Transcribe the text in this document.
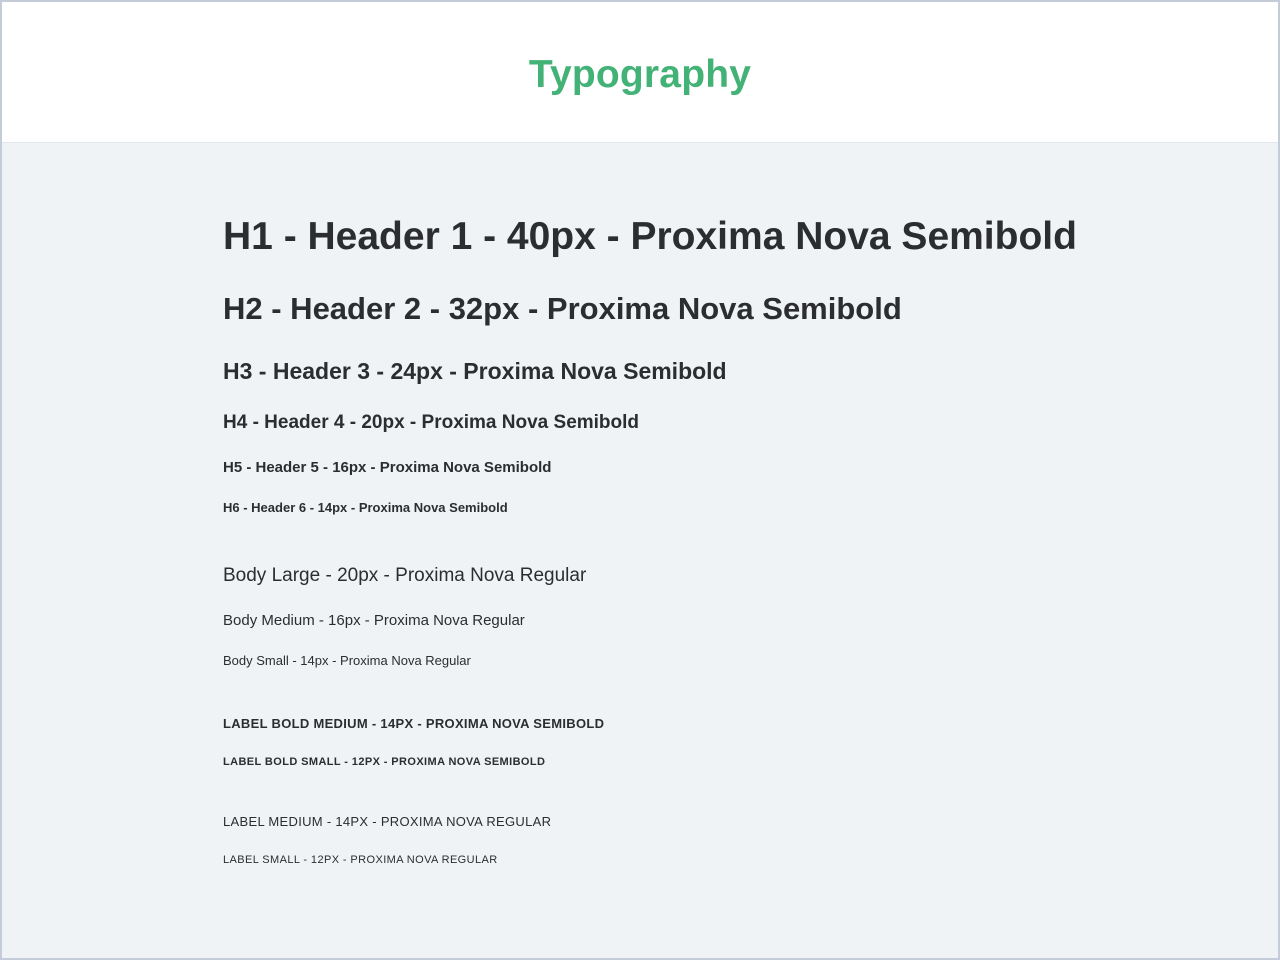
Typography
H1 - Header 1 - 40px - Proxima Nova Semibold
H2 - Header 2 - 32px - Proxima Nova Semibold
H3 - Header 3 - 24px - Proxima Nova Semibold
H4 - Header 4 - 20px - Proxima Nova Semibold
H5 - Header 5 - 16px - Proxima Nova Semibold
H6 - Header 6 - 14px - Proxima Nova Semibold
Body Large - 20px - Proxima Nova Regular
Body Medium - 16px - Proxima Nova Regular
Body Small - 14px - Proxima Nova Regular
LABEL BOLD MEDIUM - 14PX - PROXIMA NOVA SEMIBOLD
LABEL BOLD SMALL - 12PX - PROXIMA NOVA SEMIBOLD
LABEL MEDIUM - 14PX - PROXIMA NOVA REGULAR
LABEL SMALL - 12PX - PROXIMA NOVA REGULAR
